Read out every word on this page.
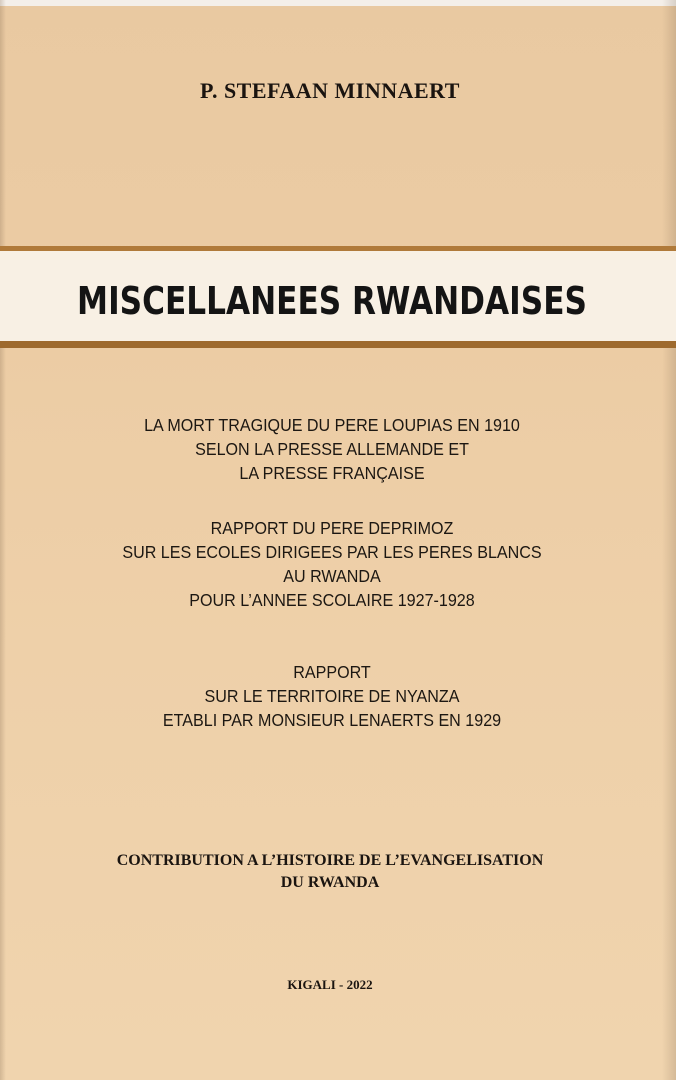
P. STEFAAN MINNAERT
MISCELLANEES RWANDAISES
LA MORT TRAGIQUE DU PERE LOUPIAS EN 1910
SELON LA PRESSE ALLEMANDE ET
LA PRESSE FRANÇAISE
RAPPORT DU PERE DEPRIMOZ
SUR LES ECOLES DIRIGEES PAR LES PERES BLANCS
AU RWANDA
POUR L’ANNEE SCOLAIRE 1927-1928
RAPPORT
SUR LE TERRITOIRE DE NYANZA
ETABLI PAR MONSIEUR LENAERTS EN 1929
CONTRIBUTION A L’HISTOIRE DE L’EVANGELISATION
DU RWANDA
KIGALI - 2022
